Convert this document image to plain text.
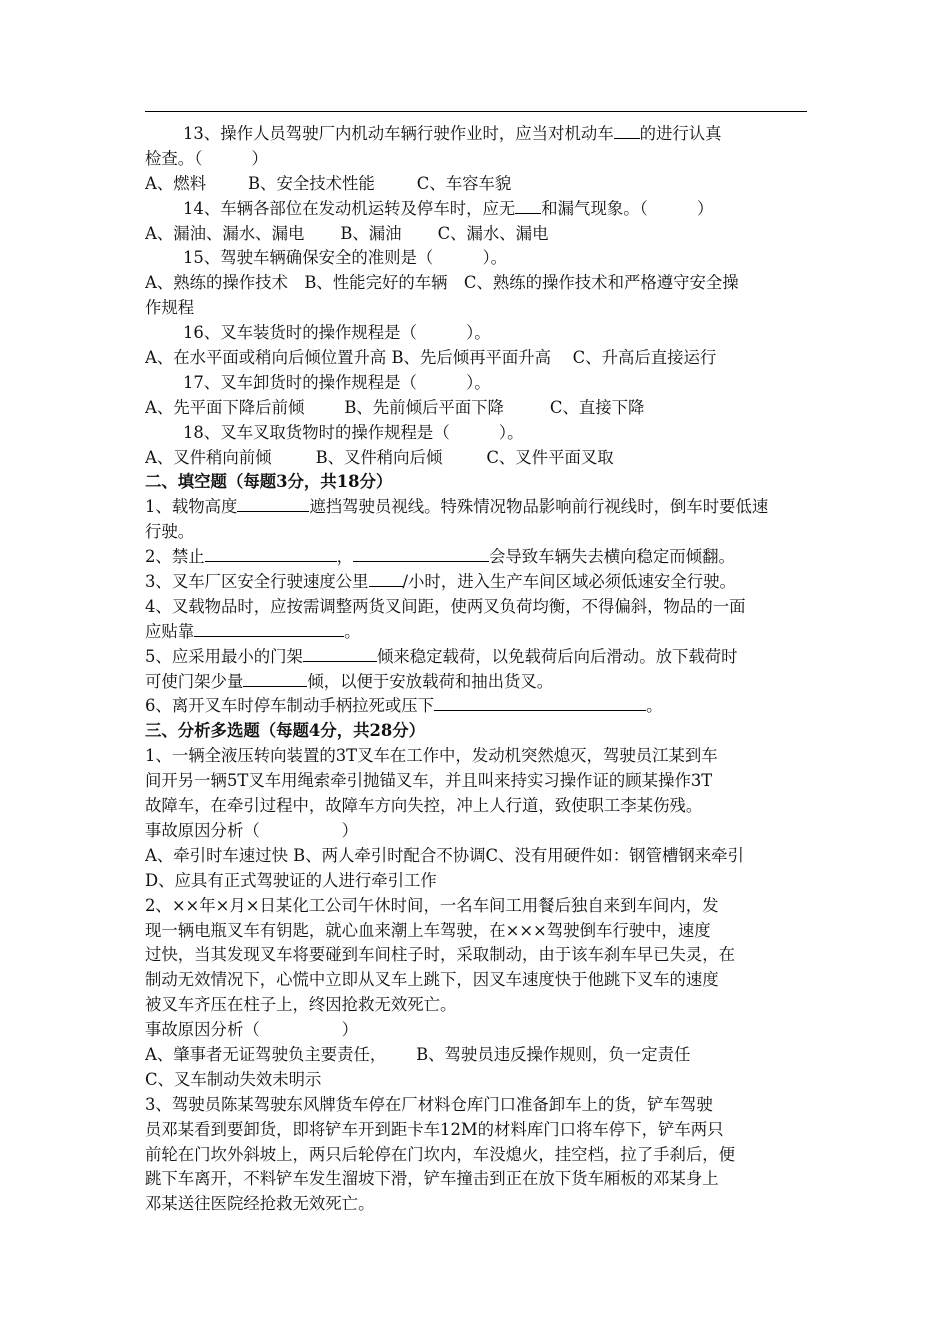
13、操作人员驾驶厂内机动车辆行驶作业时，应当对机动车 的进行认真
检查。（　　　）
A、燃料	B、安全技术性能	C、车容车貌
14、车辆各部位在发动机运转及停车时，应无 和漏气现象。（　　　）
A、漏油、漏水、漏电 B、漏油 C、漏水、漏电
15、驾驶车辆确保安全的准则是（　　　）。
A、熟练的操作技术　B、性能完好的车辆　C、熟练的操作技术和严格遵守安全操
作规程
16、叉车装货时的操作规程是（　　　）。
A、在水平面或稍向后倾位置升高 B、先后倾再平面升高　 C、升高后直接运行
17、叉车卸货时的操作规程是（　　　）。
A、先平面下降后前倾 B、先前倾后平面下降	C、直接下降
18、叉车叉取货物时的操作规程是（　　　）。
A、叉件稍向前倾	B、叉件稍向后倾	C、叉件平面叉取
二、填空题（每题3分，共18分）
1、载物高度	遮挡驾驶员视线。特殊情况物品影响前行视线时，倒车时要低速
行驶。
2、禁止	，	会导致车辆失去横向稳定而倾翻。
3、叉车厂区安全行驶速度公里 /小时，进入生产车间区域必须低速安全行驶。
4、叉载物品时，应按需调整两货叉间距，使两叉负荷均衡，不得偏斜，物品的一面
应贴靠	。
5、应采用最小的门架	倾来稳定载荷，以免载荷后向后滑动。放下载荷时
可使门架少量	倾，以便于安放载荷和抽出货叉。
6、离开叉车时停车制动手柄拉死或压下	。
三、分析多选题（每题4分，共28分）
1、一辆全液压转向装置的3T叉车在工作中，发动机突然熄灭，驾驶员江某到车
间开另一辆5T叉车用绳索牵引抛锚叉车，并且叫来持实习操作证的顾某操作3T
故障车，在牵引过程中，故障车方向失控，冲上人行道，致使职工李某伤残。
事故原因分析（　　　　　）
A、牵引时车速过快 B、两人牵引时配合不协调C、没有用硬件如：钢管槽钢来牵引
D、应具有正式驾驶证的人进行牵引工作
2、××年×月×日某化工公司午休时间，一名车间工用餐后独自来到车间内，发
现一辆电瓶叉车有钥匙，就心血来潮上车驾驶，在×××驾驶倒车行驶中，速度
过快，当其发现叉车将要碰到车间柱子时，采取制动，由于该车刹车早已失灵，在
制动无效情况下，心慌中立即从叉车上跳下，因叉车速度快于他跳下叉车的速度
被叉车齐压在柱子上，终因抢救无效死亡。
事故原因分析（　　　　　）
A、肇事者无证驾驶负主要责任，　　 B、驾驶员违反操作规则，负一定责任
C、叉车制动失效未明示
3、驾驶员陈某驾驶东风牌货车停在厂材料仓库门口准备卸车上的货，铲车驾驶
员邓某看到要卸货，即将铲车开到距卡车12M的材料库门口将车停下，铲车两只
前轮在门坎外斜坡上，两只后轮停在门坎内，车没熄火，挂空档，拉了手刹后，便
跳下车离开，不料铲车发生溜坡下滑，铲车撞击到正在放下货车厢板的邓某身上
邓某送往医院经抢救无效死亡。
